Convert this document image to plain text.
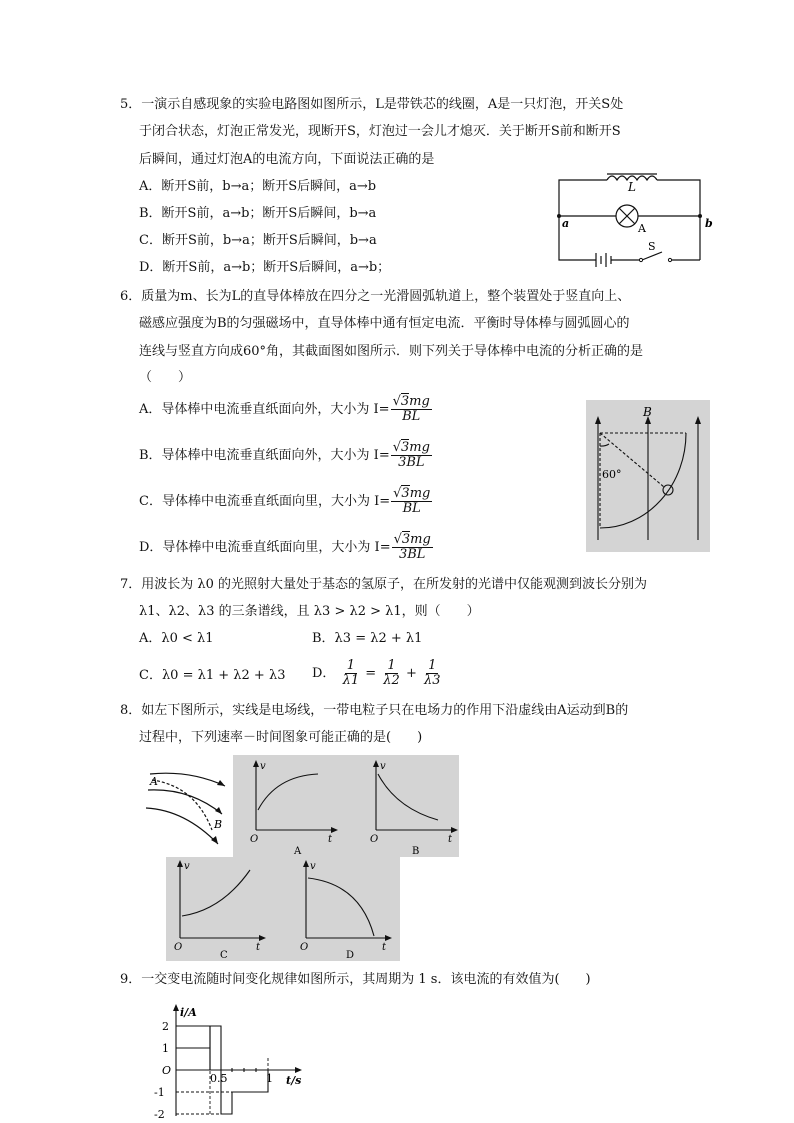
5．一演示自感现象的实验电路图如图所示，L是带铁芯的线圈，A是一只灯泡，开关S处
于闭合状态，灯泡正常发光，现断开S，灯泡过一会儿才熄灭．关于断开S前和断开S
后瞬间，通过灯泡A的电流方向，下面说法正确的是
A．断开S前，b→a；断开S后瞬间，a→b
B．断开S前，a→b；断开S后瞬间，b→a
C．断开S前，b→a；断开S后瞬间，b→a
D．断开S前，a→b；断开S后瞬间，a→b；
L
A
a	b
S
6．质量为m、长为L的直导体棒放在四分之一光滑圆弧轨道上，整个装置处于竖直向上、
磁感应强度为B的匀强磁场中，直导体棒中通有恒定电流．平衡时导体棒与圆弧圆心的
连线与竖直方向成60°角，其截面图如图所示．则下列关于导体棒中电流的分析正确的是
（　　）
A．导体棒中电流垂直纸面向外，大小为 $I= \frac{√3mg}{BL}$
B．导体棒中电流垂直纸面向外，大小为 $I= \frac{√3mg}{3BL}$
C．导体棒中电流垂直纸面向里，大小为 $I= \frac{√3mg}{BL}$
D．导体棒中电流垂直纸面向里，大小为 $I= \frac{√3mg}{3BL}$
B
60°
7．用波长为 λ0 的光照射大量处于基态的氢原子，在所发射的光谱中仅能观测到波长分别为
λ1、λ2、λ3 的三条谱线，且 λ3 > λ2 > λ1，则（　　）
A．λ0 < λ1	B．λ3 = λ2 + λ1
C．λ0 = λ1 + λ2 + λ3 D． $\frac{1}{\lambda 1} = \frac{1}{\lambda 2} + \frac{1}{\lambda 3}$
8．如左下图所示，实线是电场线，一带电粒子只在电场力的作用下沿虚线由A运动到B的
过程中，下列速率－时间图象可能正确的是(　　)
A
B
v
t
O
A
v
t
O
B
v
t
O
C
v
t
O
D
9．一交变电流随时间变化规律如图所示，其周期为 1 s．该电流的有效值为(　　)
i/A
t/s
O
2
1
-1
-2
0.5	1
